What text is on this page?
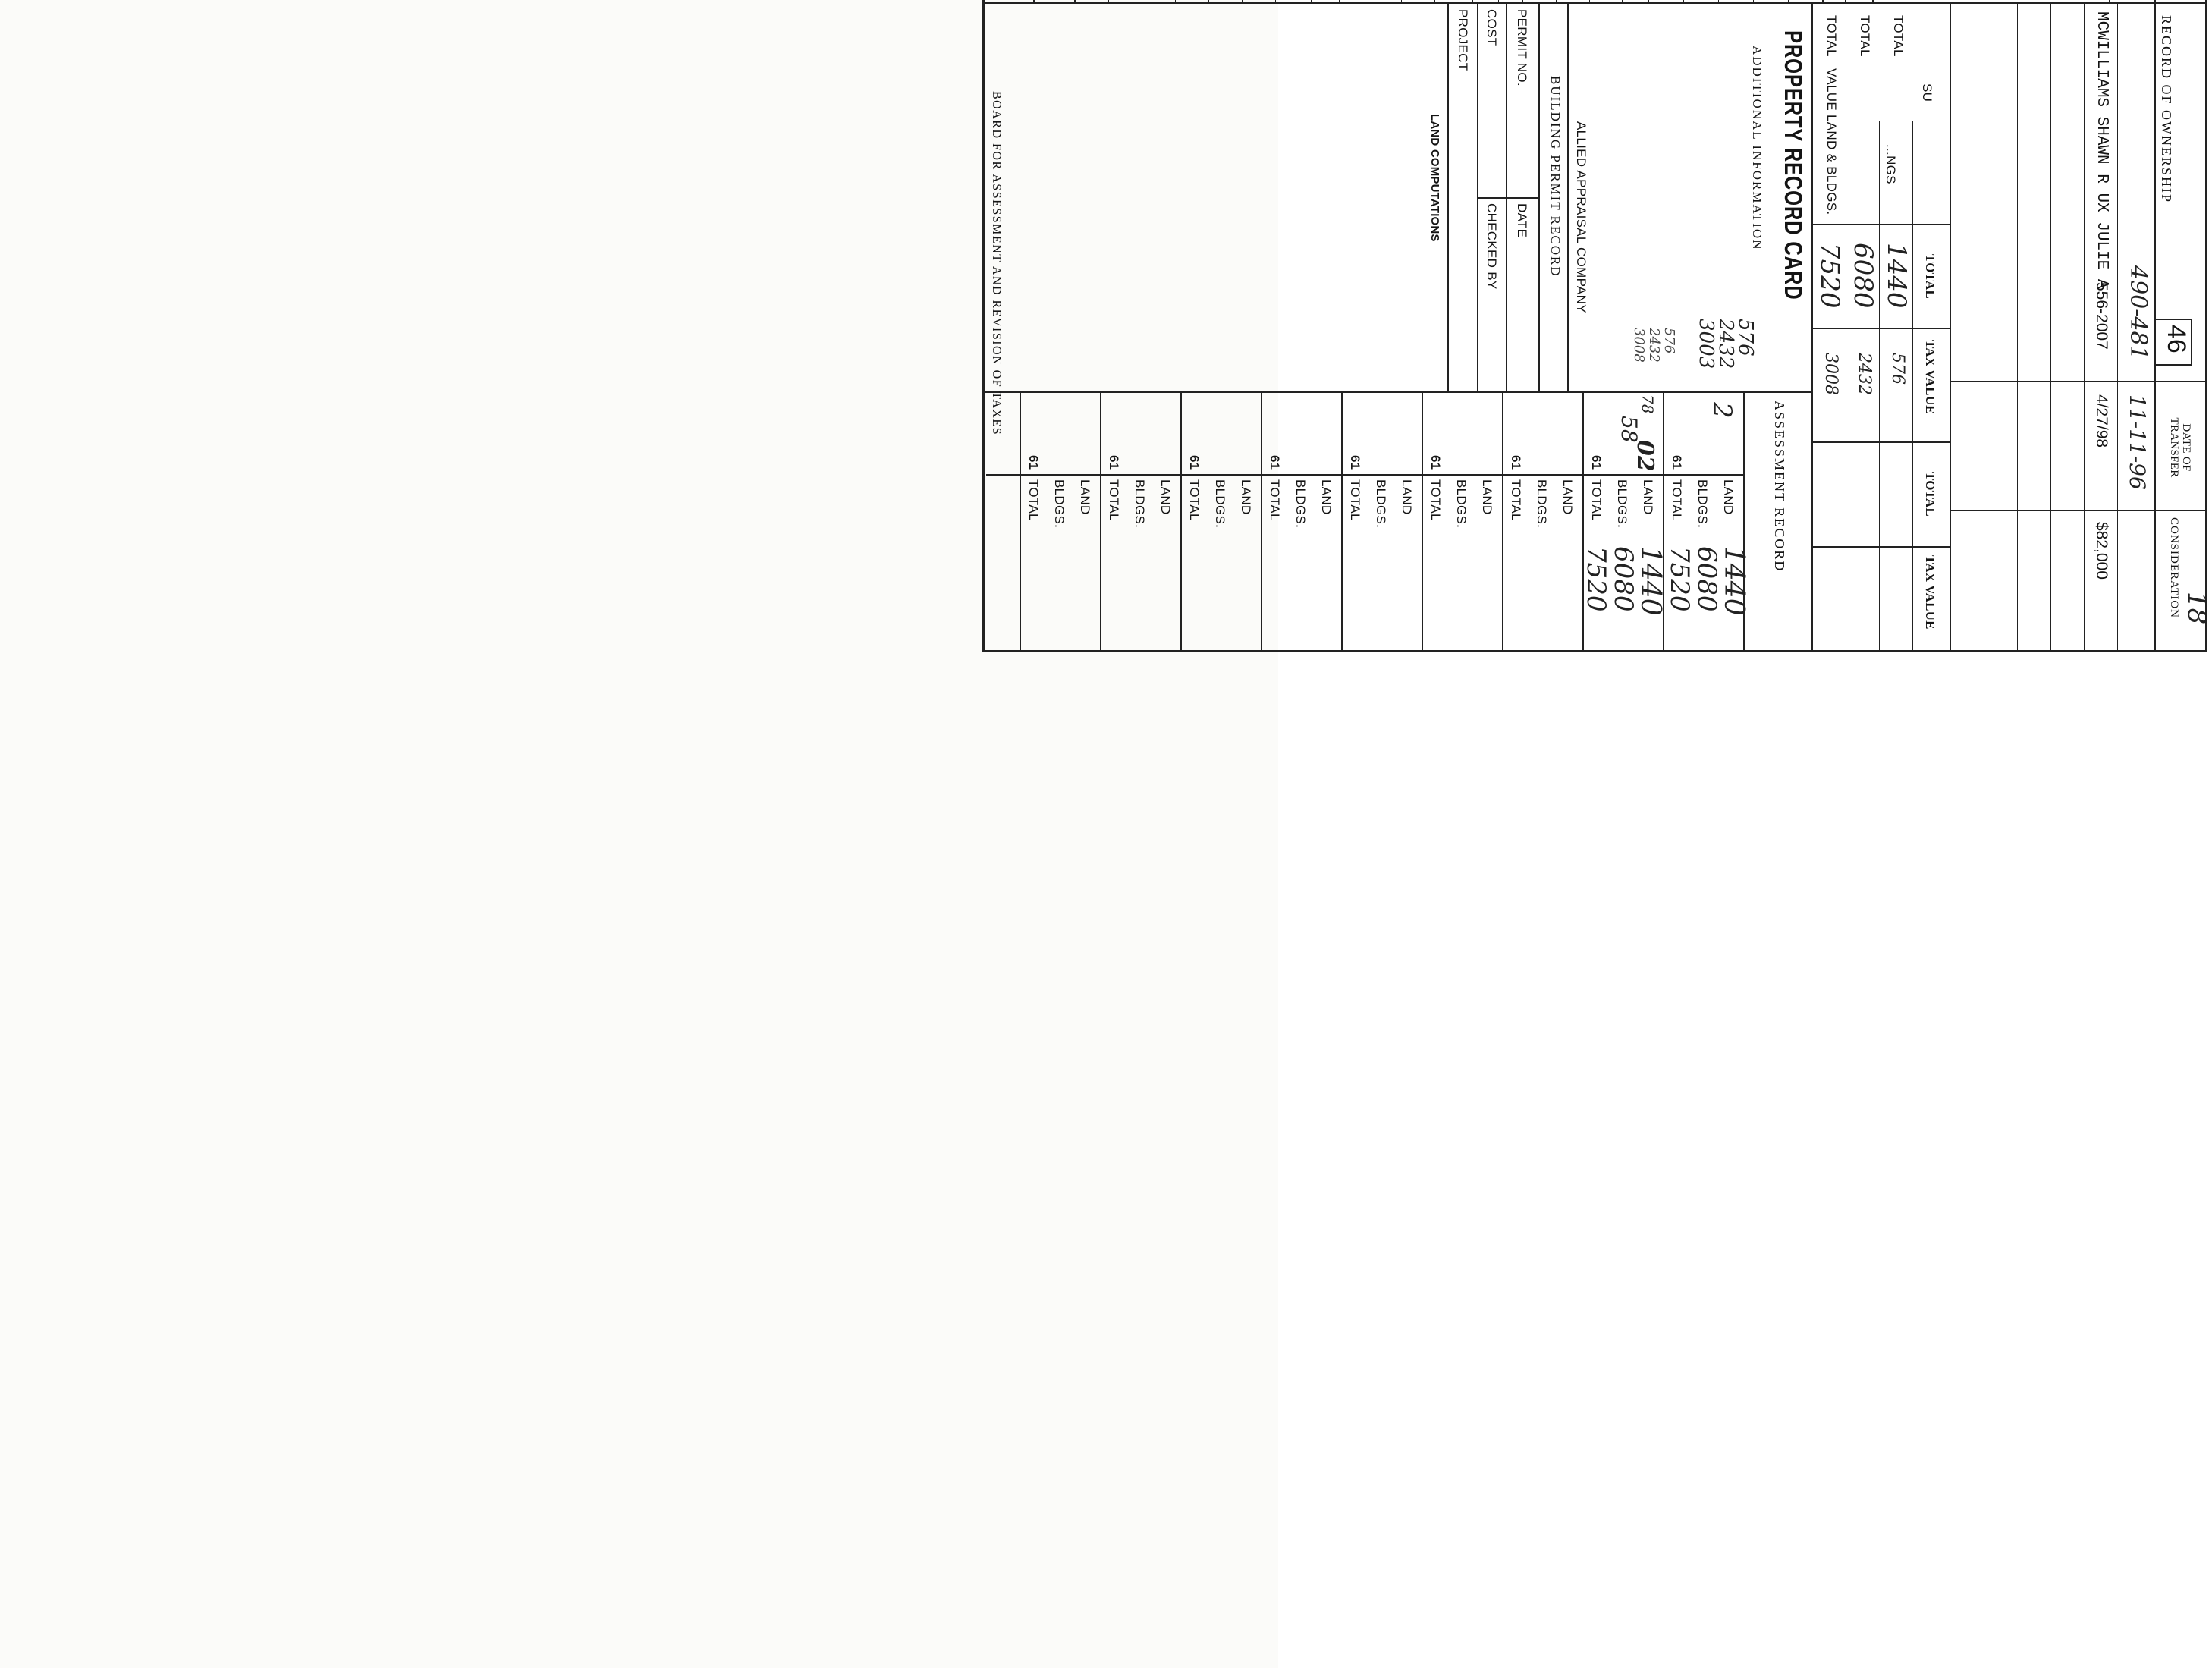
RECORD OF OWNERSHIP
46
DATE OF TRANSFER
CONSIDERATION 18
490-481
11-11-96
MCWILLIAMS SHAWN R UX JULIE A
556-2007
4/27/98
$82,000
TOTAL
TAX VALUE
TOTAL
TAX VALUE
TOTAL
SU
TOTAL
...NGS
TOTAL
VALUE LAND & BLDGS.
1440
6080
7520
576
2432
3008
PROPERTY RECORD CARD
ADDITIONAL INFORMATION
576
2432
3003
576
2432
3008
ALLIED APPRAISAL COMPANY
BUILDING PERMIT RECORD
PERMIT NO.
DATE
COST
CHECKED BY
PROJECT
LAND COMPUTATIONS
BOARD FOR ASSESSMENT AND REVISION OF TAXES
ASSESSMENT RECORD
LAND
BLDGS.
TOTAL
61
1440
6080
7520
2
LAND
BLDGS.
TOTAL
61
1440
6080
7520
78
58
02
LAND
BLDGS.
TOTAL
61
LAND
BLDGS.
TOTAL
61
LAND
BLDGS.
TOTAL
61
LAND
BLDGS.
TOTAL
61
LAND
BLDGS.
TOTAL
61
LAND
BLDGS.
TOTAL
61
LAND
BLDGS.
TOTAL
61
